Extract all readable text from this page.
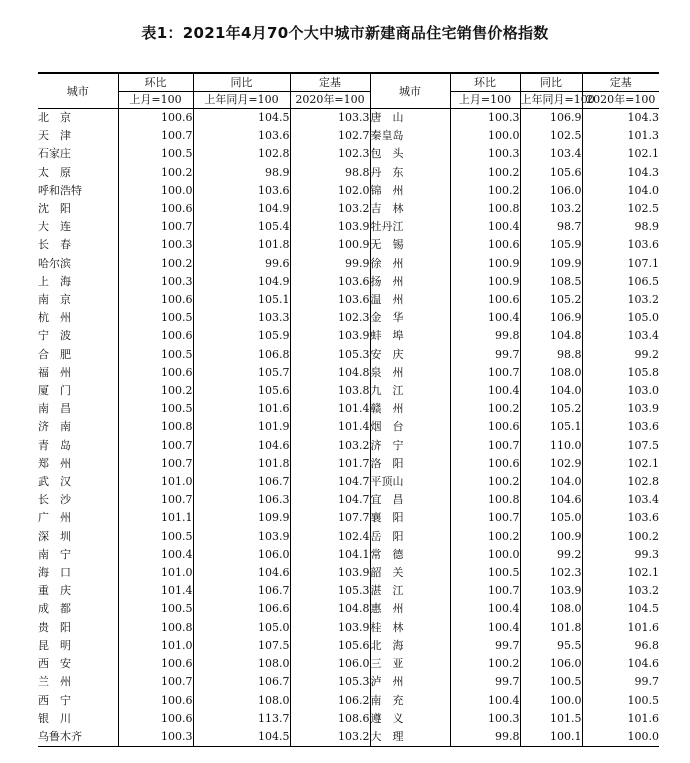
表1：2021年4月70个大中城市新建商品住宅销售价格指数
城市	环比	同比	定基	城市	环比	同比	定基
	上月=100	上年同月=100	2020年=100		上月=100	上年同月=100	2020年=100
北　京	100.6	104.5	103.3	唐　山	100.3	106.9	104.3
天　津	100.7	103.6	102.7	秦皇岛	100.0	102.5	101.3
石家庄	100.5	102.8	102.3	包　头	100.3	103.4	102.1
太　原	100.2	98.9	98.8	丹　东	100.2	105.6	104.3
呼和浩特	100.0	103.6	102.0	锦　州	100.2	106.0	104.0
沈　阳	100.6	104.9	103.2	吉　林	100.8	103.2	102.5
大　连	100.7	105.4	103.9	牡丹江	100.4	98.7	98.9
长　春	100.3	101.8	100.9	无　锡	100.6	105.9	103.6
哈尔滨	100.2	99.6	99.9	徐　州	100.9	109.9	107.1
上　海	100.3	104.9	103.6	扬　州	100.9	108.5	106.5
南　京	100.6	105.1	103.6	温　州	100.6	105.2	103.2
杭　州	100.5	103.3	102.3	金　华	100.4	106.9	105.0
宁　波	100.6	105.9	103.9	蚌　埠	99.8	104.8	103.4
合　肥	100.5	106.8	105.3	安　庆	99.7	98.8	99.2
福　州	100.6	105.7	104.8	泉　州	100.7	108.0	105.8
厦　门	100.2	105.6	103.8	九　江	100.4	104.0	103.0
南　昌	100.5	101.6	101.4	赣　州	100.2	105.2	103.9
济　南	100.8	101.9	101.4	烟　台	100.6	105.1	103.6
青　岛	100.7	104.6	103.2	济　宁	100.7	110.0	107.5
郑　州	100.7	101.8	101.7	洛　阳	100.6	102.9	102.1
武　汉	101.0	106.7	104.7	平顶山	100.2	104.0	102.8
长　沙	100.7	106.3	104.7	宜　昌	100.8	104.6	103.4
广　州	101.1	109.9	107.7	襄　阳	100.7	105.0	103.6
深　圳	100.5	103.9	102.4	岳　阳	100.2	100.9	100.2
南　宁	100.4	106.0	104.1	常　德	100.0	99.2	99.3
海　口	101.0	104.6	103.9	韶　关	100.5	102.3	102.1
重　庆	101.4	106.7	105.3	湛　江	100.7	103.9	103.2
成　都	100.5	106.6	104.8	惠　州	100.4	108.0	104.5
贵　阳	100.8	105.0	103.9	桂　林	100.4	101.8	101.6
昆　明	101.0	107.5	105.6	北　海	99.7	95.5	96.8
西　安	100.6	108.0	106.0	三　亚	100.2	106.0	104.6
兰　州	100.7	106.7	105.3	泸　州	99.7	100.5	99.7
西　宁	100.6	108.0	106.2	南　充	100.4	100.0	100.5
银　川	100.6	113.7	108.6	遵　义	100.3	101.5	101.6
乌鲁木齐	100.3	104.5	103.2	大　理	99.8	100.1	100.0
